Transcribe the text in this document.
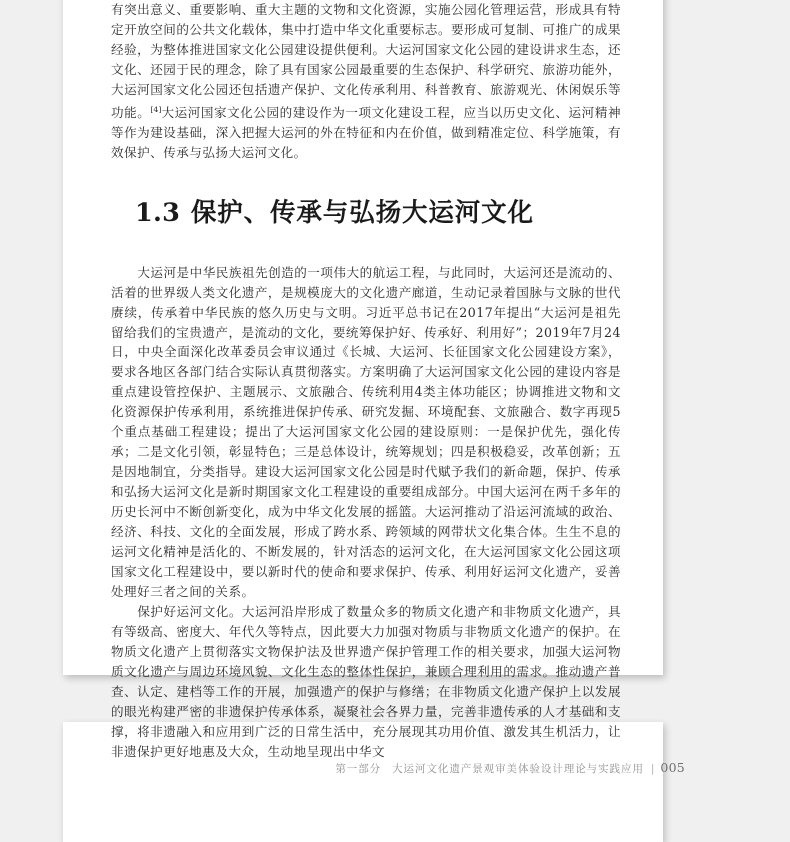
有突出意义、重要影响、重大主题的文物和文化资源，实施公园化管理运营，形成具有特定开放空间的公共文化载体，集中打造中华文化重要标志。要形成可复制、可推广的成果经验，为整体推进国家文化公园建设提供便利。大运河国家文化公园的建设讲求生态，还文化、还园于民的理念，除了具有国家公园最重要的生态保护、科学研究、旅游功能外，大运河国家文化公园还包括遗产保护、文化传承利用、科普教育、旅游观光、休闲娱乐等功能。[4]大运河国家文化公园的建设作为一项文化建设工程，应当以历史文化、运河精神等作为建设基础，深入把握大运河的外在特征和内在价值，做到精准定位、科学施策，有效保护、传承与弘扬大运河文化。

1.3 保护、传承与弘扬大运河文化

大运河是中华民族祖先创造的一项伟大的航运工程，与此同时，大运河还是流动的、活着的世界级人类文化遗产，是规模庞大的文化遗产廊道，生动记录着国脉与文脉的世代赓续，传承着中华民族的悠久历史与文明。习近平总书记在2017年提出“大运河是祖先留给我们的宝贵遗产，是流动的文化，要统筹保护好、传承好、利用好”；2019年7月24日，中央全面深化改革委员会审议通过《长城、大运河、长征国家文化公园建设方案》，要求各地区各部门结合实际认真贯彻落实。方案明确了大运河国家文化公园的建设内容是重点建设管控保护、主题展示、文旅融合、传统利用4类主体功能区；协调推进文物和文化资源保护传承利用，系统推进保护传承、研究发掘、环境配套、文旅融合、数字再现5个重点基础工程建设；提出了大运河国家文化公园的建设原则：一是保护优先，强化传承；二是文化引领，彰显特色；三是总体设计，统筹规划；四是积极稳妥，改革创新；五是因地制宜，分类指导。建设大运河国家文化公园是时代赋予我们的新命题，保护、传承和弘扬大运河文化是新时期国家文化工程建设的重要组成部分。中国大运河在两千多年的历史长河中不断创新变化，成为中华文化发展的摇篮。大运河推动了沿运河流域的政治、经济、科技、文化的全面发展，形成了跨水系、跨领域的网带状文化集合体。生生不息的运河文化精神是活化的、不断发展的，针对活态的运河文化，在大运河国家文化公园这项国家文化工程建设中，要以新时代的使命和要求保护、传承、利用好运河文化遗产，妥善处理好三者之间的关系。

保护好运河文化。大运河沿岸形成了数量众多的物质文化遗产和非物质文化遗产，具有等级高、密度大、年代久等特点，因此要大力加强对物质与非物质文化遗产的保护。在物质文化遗产上贯彻落实文物保护法及世界遗产保护管理工作的相关要求，加强大运河物质文化遗产与周边环境风貌、文化生态的整体性保护，兼顾合理利用的需求。推动遗产普查、认定、建档等工作的开展，加强遗产的保护与修缮；在非物质文化遗产保护上以发展的眼光构建严密的非遗保护传承体系，凝聚社会各界力量，完善非遗传承的人才基础和支撑，将非遗融入和应用到广泛的日常生活中，充分展现其功用价值、激发其生机活力，让非遗保护更好地惠及大众，生动地呈现出中华文

第一部分 大运河文化遗产景观审美体验设计理论与实践应用 | 005
